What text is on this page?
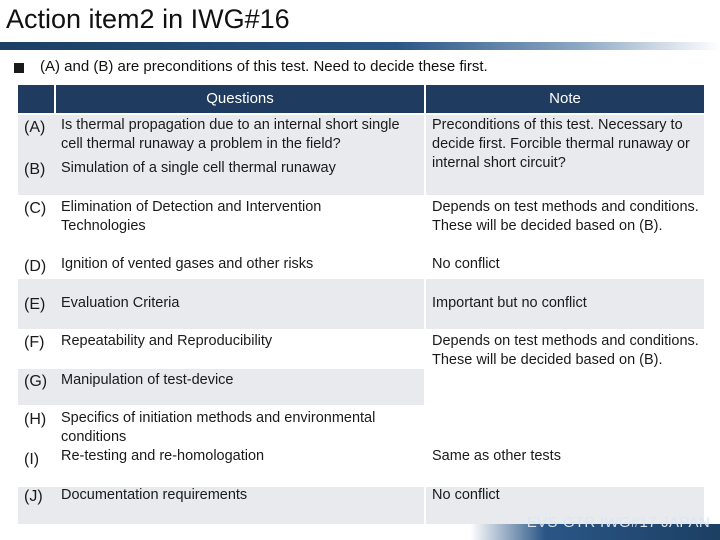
Action item2 in IWG#16
(A) and (B) are preconditions of this test. Need to decide these first.
Questions	Note
(A)
(B)
(C)
(D)
(E)
(F)
(G)
(H)
(I)
(J)
Is thermal propagation due to an internal short single cell thermal runaway a problem in the field?
Simulation of a single cell thermal runaway
Elimination of Detection and Intervention Technologies
Ignition of vented gases and other risks
Evaluation Criteria
Repeatability and Reproducibility
Manipulation of test-device
Specifics of initiation methods and environmental conditions
Re-testing and re-homologation
Documentation requirements
Preconditions of this test. Necessary to decide first. Forcible thermal runaway or internal short circuit?
Depends on test methods and conditions. These will be decided based on (B).
No conflict
Important but no conflict
Depends on test methods and conditions. These will be decided based on (B).
Same as other tests
No conflict
EVS-GTR IWG#17 JAPAN
